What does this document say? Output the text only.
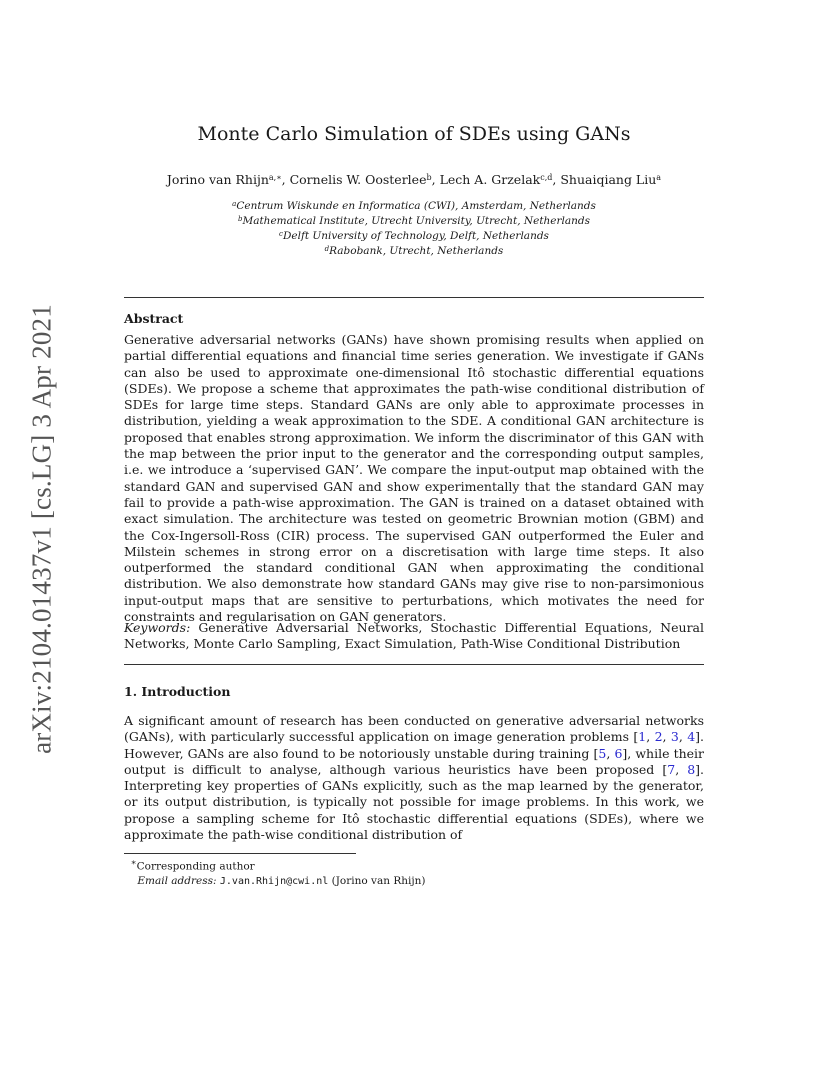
arXiv:2104.01437v1 [cs.LG] 3 Apr 2021
Monte Carlo Simulation of SDEs using GANs
Jorino van Rhijn$^{a,∗}$, Cornelis W. Oosterlee$^b$, Lech A. Grzelak$^{c,d}$, Shuaiqiang Liu$^a$
$^a$Centrum Wiskunde en Informatica (CWI), Amsterdam, Netherlands
$^b$Mathematical Institute, Utrecht University, Utrecht, Netherlands
$^c$Delft University of Technology, Delft, Netherlands
$^d$Rabobank, Utrecht, Netherlands
Abstract
Generative adversarial networks (GANs) have shown promising results when applied on partial differential equations and financial time series generation. We investigate if GANs can also be used to approximate one-dimensional Itô stochastic differential equations (SDEs). We propose a scheme that approximates the path-wise conditional distribution of SDEs for large time steps. Standard GANs are only able to approximate processes in distribution, yielding a weak approximation to the SDE. A conditional GAN architecture is proposed that enables strong approximation. We inform the discriminator of this GAN with the map between the prior input to the generator and the corresponding output samples, i.e. we introduce a ‘supervised GAN’. We compare the input-output map obtained with the standard GAN and supervised GAN and show experimentally that the standard GAN may fail to provide a path-wise approximation. The GAN is trained on a dataset obtained with exact simulation. The architecture was tested on geometric Brownian motion (GBM) and the Cox-Ingersoll-Ross (CIR) process. The supervised GAN outperformed the Euler and Milstein schemes in strong error on a discretisation with large time steps. It also outperformed the standard conditional GAN when approximating the conditional distribution. We also demonstrate how standard GANs may give rise to non-parsimonious input-output maps that are sensitive to perturbations, which motivates the need for constraints and regularisation on GAN generators.
Keywords: Generative Adversarial Networks, Stochastic Differential Equations, Neural Networks, Monte Carlo Sampling, Exact Simulation, Path-Wise Conditional Distribution
1. Introduction
A significant amount of research has been conducted on generative adversarial networks (GANs), with particularly successful application on image generation problems [1, 2, 3, 4]. However, GANs are also found to be notoriously unstable during training [5, 6], while their output is difficult to analyse, although various heuristics have been proposed [7, 8]. Interpreting key properties of GANs explicitly, such as the map learned by the generator, or its output distribution, is typically not possible for image problems. In this work, we propose a sampling scheme for Itô stochastic differential equations (SDEs), where we approximate the path-wise conditional distribution of
∗Corresponding author
Email address: J.van.Rhijn@cwi.nl (Jorino van Rhijn)
